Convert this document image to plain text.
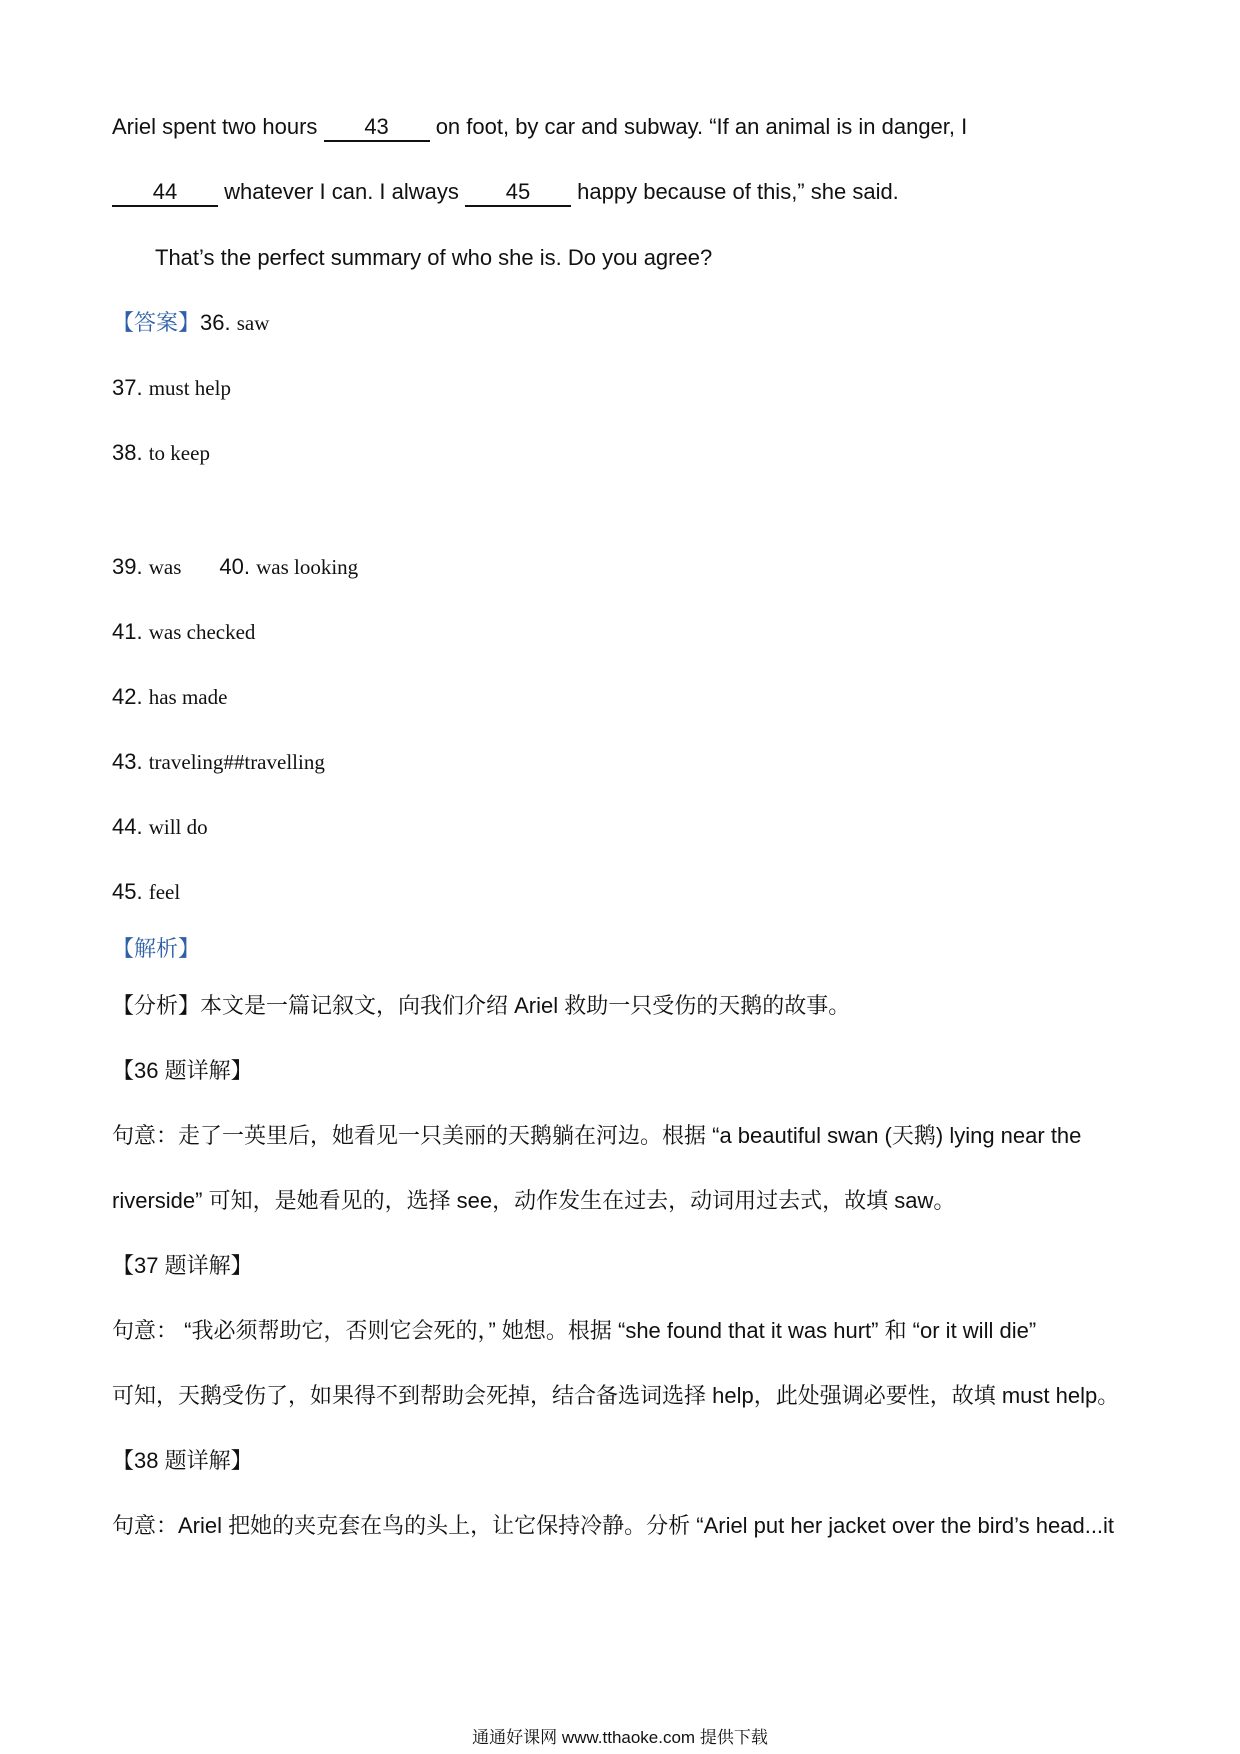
Ariel spent two hours 43 on foot, by car and subway. “If an animal is in danger, I
44 whatever I can. I always 45 happy because of this,” she said.
That’s the perfect summary of who she is. Do you agree?
【答案】36. saw
37. must help
38. to keep
39. was 40. was looking
41. was checked
42. has made
43. traveling##travelling
44. will do
45. feel
【解析】
【分析】本文是一篇记叙文，向我们介绍 Ariel 救助一只受伤的天鹅的故事。
【36 题详解】
句意：走了一英里后，她看见一只美丽的天鹅躺在河边。根据 “a beautiful swan (天鹅) lying near the
riverside” 可知，是她看见的，选择 see，动作发生在过去，动词用过去式，故填 saw。
【37 题详解】
句意： “我必须帮助它，否则它会死的，” 她想。根据 “she found that it was hurt” 和 “or it will die”
可知，天鹅受伤了，如果得不到帮助会死掉，结合备选词选择 help，此处强调必要性，故填 must help。
【38 题详解】
句意：Ariel 把她的夹克套在鸟的头上，让它保持冷静。分析 “Ariel put her jacket over the bird’s head...it
通通好课网 www.tthaoke.com 提供下载
